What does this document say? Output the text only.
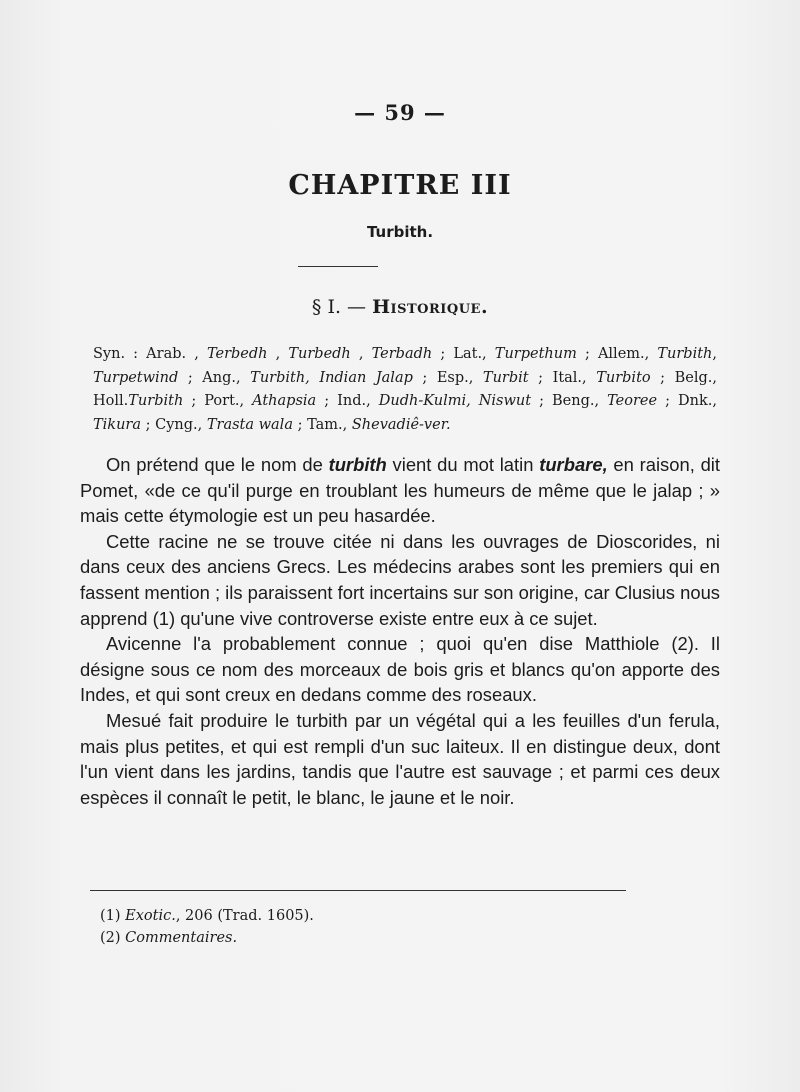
— 59 —
CHAPITRE III
Turbith.
§ I. — Historique.
Syn. : Arab. , Terbedh , Turbedh , Terbadh ; Lat., Turpethum ; Allem., Turbith, Turpetwind ; Ang., Turbith, Indian Jalap ; Esp., Turbit ; Ital., Turbito ; Belg., Holl.Turbith ; Port., Athapsia ; Ind., Dudh-Kulmi, Niswut ; Beng., Teoree ; Dnk., Tikura ; Cyng., Trasta wala ; Tam., Shevadiê-ver.

On prétend que le nom de turbith vient du mot latin turbare, en raison, dit Pomet, «de ce qu'il purge en troublant les humeurs de même que le jalap ; » mais cette étymologie est un peu hasardée.

Cette racine ne se trouve citée ni dans les ouvrages de Dioscorides, ni dans ceux des anciens Grecs. Les médecins arabes sont les premiers qui en fassent mention ; ils paraissent fort incertains sur son origine, car Clusius nous apprend (1) qu'une vive controverse existe entre eux à ce sujet.

Avicenne l'a probablement connue ; quoi qu'en dise Matthiole (2). Il désigne sous ce nom des morceaux de bois gris et blancs qu'on apporte des Indes, et qui sont creux en dedans comme des roseaux.

Mesué fait produire le turbith par un végétal qui a les feuilles d'un ferula, mais plus petites, et qui est rempli d'un suc laiteux. Il en distingue deux, dont l'un vient dans les jardins, tandis que l'autre est sauvage ; et parmi ces deux espèces il connaît le petit, le blanc, le jaune et le noir.

(1) Exotic., 206 (Trad. 1605).
(2) Commentaires.
